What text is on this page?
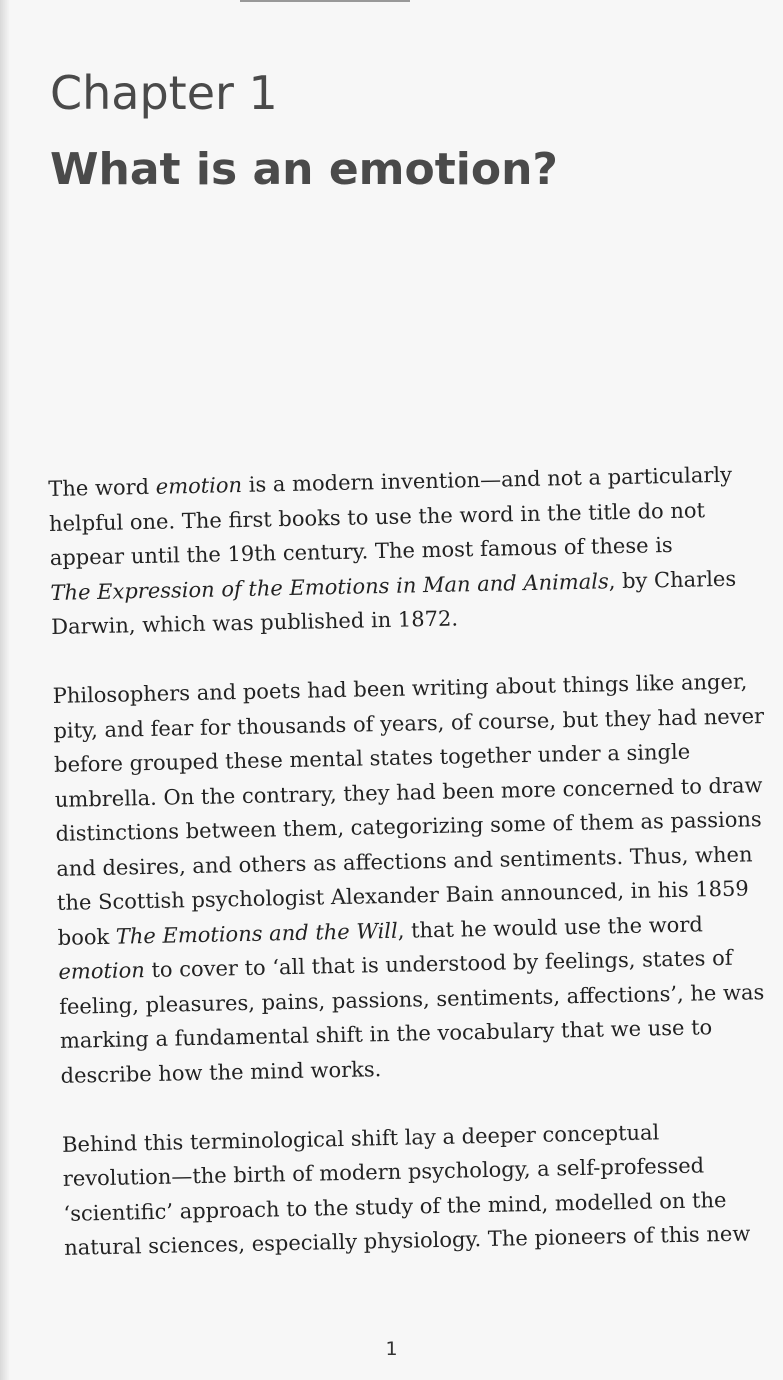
Chapter 1
What is an emotion?

The word emotion is a modern invention—and not a particularly
helpful one. The first books to use the word in the title do not
appear until the 19th century. The most famous of these is
The Expression of the Emotions in Man and Animals, by Charles
Darwin, which was published in 1872.

Philosophers and poets had been writing about things like anger,
pity, and fear for thousands of years, of course, but they had never
before grouped these mental states together under a single
umbrella. On the contrary, they had been more concerned to draw
distinctions between them, categorizing some of them as passions
and desires, and others as affections and sentiments. Thus, when
the Scottish psychologist Alexander Bain announced, in his 1859
book The Emotions and the Will, that he would use the word
emotion to cover to ‘all that is understood by feelings, states of
feeling, pleasures, pains, passions, sentiments, affections’, he was
marking a fundamental shift in the vocabulary that we use to
describe how the mind works.

Behind this terminological shift lay a deeper conceptual
revolution—the birth of modern psychology, a self-professed
‘scientific’ approach to the study of the mind, modelled on the
natural sciences, especially physiology. The pioneers of this new

1
